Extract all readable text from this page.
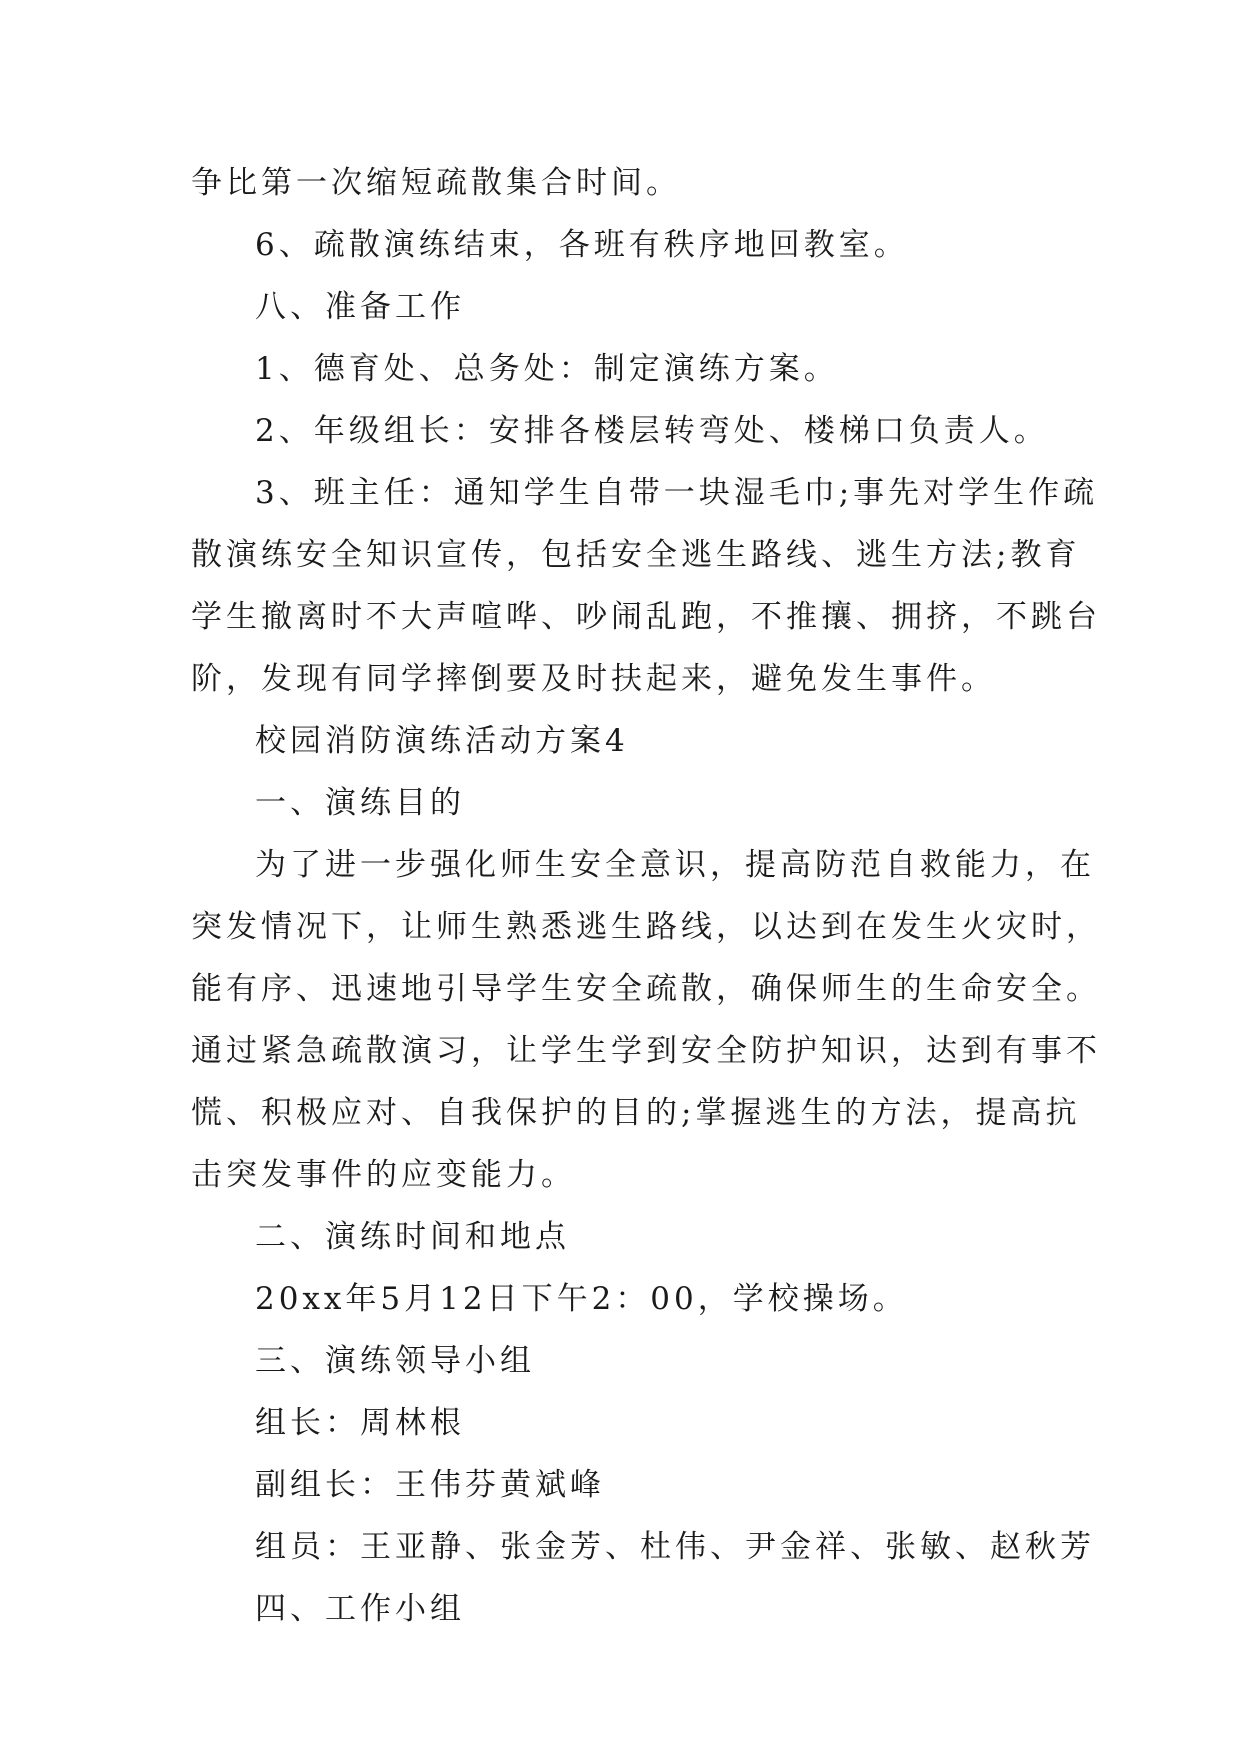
争比第一次缩短疏散集合时间。
6、疏散演练结束，各班有秩序地回教室。
八、准备工作
1、德育处、总务处：制定演练方案。
2、年级组长：安排各楼层转弯处、楼梯口负责人。
3、班主任：通知学生自带一块湿毛巾;事先对学生作疏
散演练安全知识宣传，包括安全逃生路线、逃生方法;教育
学生撤离时不大声喧哗、吵闹乱跑，不推攘、拥挤，不跳台
阶，发现有同学摔倒要及时扶起来，避免发生事件。
校园消防演练活动方案4
一、演练目的
为了进一步强化师生安全意识，提高防范自救能力，在
突发情况下，让师生熟悉逃生路线，以达到在发生火灾时，
能有序、迅速地引导学生安全疏散，确保师生的生命安全。
通过紧急疏散演习，让学生学到安全防护知识，达到有事不
慌、积极应对、自我保护的目的;掌握逃生的方法，提高抗
击突发事件的应变能力。
二、演练时间和地点
20xx年5月12日下午2：00，学校操场。
三、演练领导小组
组长：周林根
副组长：王伟芬黄斌峰
组员：王亚静、张金芳、杜伟、尹金祥、张敏、赵秋芳
四、工作小组
